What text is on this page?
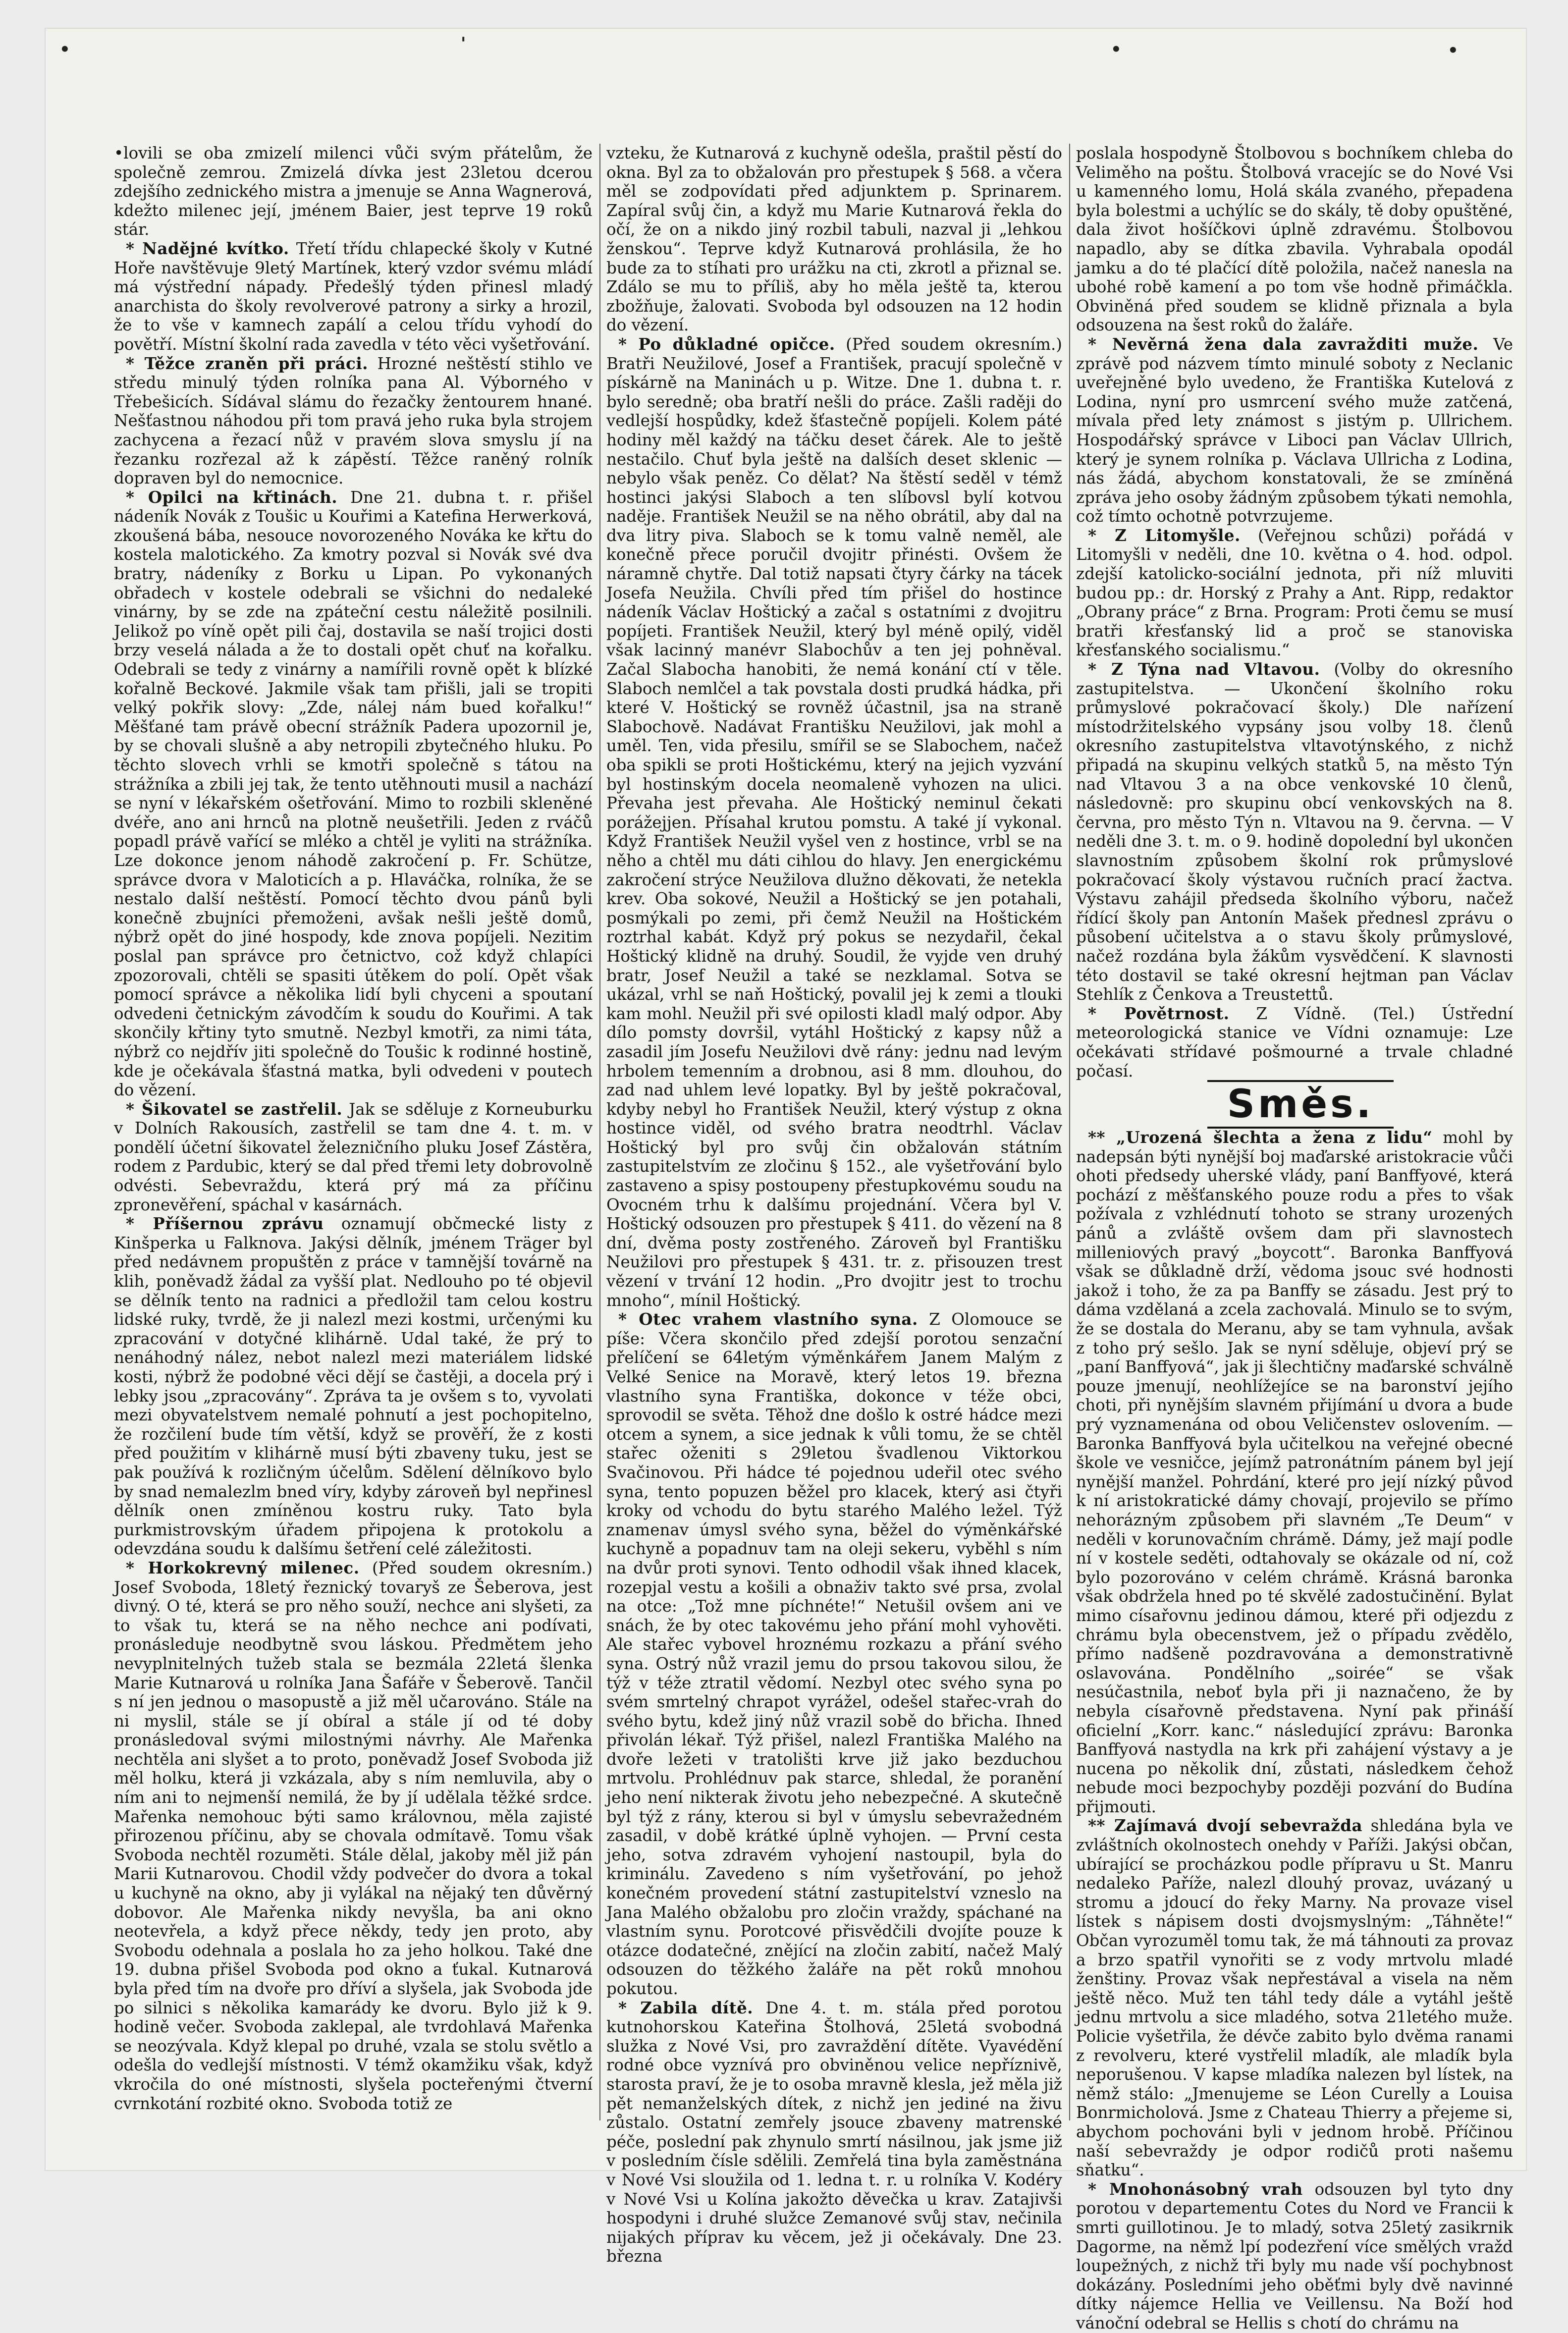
•	'	•	•

•lovili se oba zmizelí milenci vůči svým přátelům, že společně zemrou. Zmizelá dívka jest 23letou dcerou zdejšího zednického mistra a jmenuje se Anna Wagnerová, kdežto milenec její, jménem Baier, jest teprve 19 roků stár.

* Nadějné kvítko. Třetí třídu chlapecké školy v Kutné Hoře navštěvuje 9letý Martínek, který vzdor svému mládí má výstřední nápady. Předešlý týden přinesl mladý anarchista do školy revolverové patrony a sirky a hrozil, že to vše v kamnech zapálí a celou třídu vyhodí do povětří. Místní školní rada zavedla v této věci vyšetřování.

* Těžce zraněn při práci. Hrozné neštěstí stihlo ve středu minulý týden rolníka pana Al. Výborného v Třebešicích. Sídával slámu do řezačky žentourem hnané. Nešťastnou náhodou při tom pravá jeho ruka byla strojem zachycena a řezací nůž v pravém slova smyslu jí na řezanku rozřezal až k zápěstí. Těžce raněný rolník dopraven byl do nemocnice.

* Opilci na křtinách. Dne 21. dubna t. r. přišel nádeník Novák z Toušic u Kouřimi a Katefina Herwerková, zkoušená bába, nesouce novorozeného Nováka ke křtu do kostela malotického. Za kmotry pozval si Novák své dva bratry, nádeníky z Borku u Lipan. Po vykonaných obřadech v kostele odebrali se všichni do nedaleké vinárny, by se zde na zpáteční cestu náležitě posilnili. Jelikož po víně opět pili čaj, dostavila se naší trojici dosti brzy veselá nálada a že to dostali opět chuť na kořalku. Odebrali se tedy z vinárny a namířili rovně opět k blízké kořalně Beckové. Jakmile však tam přišli, jali se tropiti velký pokřik slovy: „Zde, nálej nám bued kořalku!“ Měšťané tam právě obecní strážník Padera upozornil je, by se chovali slušně a aby netropili zbytečného hluku. Po těchto slovech vrhli se kmotři společně s tátou na strážníka a zbili jej tak, že tento utěhnouti musil a nachází se nyní v lékařském ošetřování. Mimo to rozbili skleněné dvéře, ano ani hrnců na plotně neušetřili. Jeden z rváčů popadl právě vařící se mléko a chtěl je vyliti na strážníka. Lze dokonce jenom náhodě zakročení p. Fr. Schütze, správce dvora v Maloticích a p. Hlaváčka, rolníka, že se nestalo další neštěstí. Pomocí těchto dvou pánů byli konečně zbujníci přemoženi, avšak nešli ještě domů, nýbrž opět do jiné hospody, kde znova popíjeli. Nezitim poslal pan správce pro četnictvo, což když chlapíci zpozorovali, chtěli se spasiti útěkem do polí. Opět však pomocí správce a několika lidí byli chyceni a spoutaní odvedeni četnickým závodčím k soudu do Kouřimi. A tak skončily křtiny tyto smutně. Nezbyl kmotři, za nimi táta, nýbrž co nejdřív jiti společně do Toušic k rodinné hostině, kde je očekávala šťastná matka, byli odvedeni v poutech do vězení.

* Šikovatel se zastřelil. Jak se sděluje z Korneuburku v Dolních Rakousích, zastřelil se tam dne 4. t. m. v pondělí účetní šikovatel železničního pluku Josef Zástěra, rodem z Pardubic, který se dal před třemi lety dobrovolně odvésti. Sebevraždu, která prý má za příčinu zpronevěření, spáchal v kasárnách.

* Příšernou zprávu oznamují občmecké listy z Kinšperka u Falknova. Jakýsi dělník, jménem Träger byl před nedávnem propuštěn z práce v tamnější továrně na klih, poněvadž žádal za vyšší plat. Nedlouho po té objevil se dělník tento na radnici a předložil tam celou kostru lidské ruky, tvrdě, že ji nalezl mezi kostmi, určenými ku zpracování v dotyčné klihárně. Udal také, že prý to nenáhodný nález, nebot nalezl mezi materiálem lidské kosti, nýbrž že podobné věci dějí se častěji, a docela prý i lebky jsou „zpracovány“. Zpráva ta je ovšem s to, vyvolati mezi obyvatelstvem nemalé pohnutí a jest pochopitelno, že rozčilení bude tím větší, když se prověří, že z kosti před použitím v klihárně musí býti zbaveny tuku, jest se pak používá k rozličným účelům. Sdělení dělníkovo bylo by snad nemalezlm bned víry, kdyby zároveň byl nepřinesl dělník onen zmíněnou kostru ruky. Tato byla purkmistrovským úřadem připojena k protokolu a odevzdána soudu k dalšímu šetření celé záležitosti.

* Horkokrevný milenec. (Před soudem okresním.) Josef Svoboda, 18letý řeznický tovaryš ze Šeberova, jest divný. O té, která se pro něho souží, nechce ani slyšeti, za to však tu, která se na něho nechce ani podívati, pronásleduje neodbytně svou láskou. Předmětem jeho nevyplnitelných tužeb stala se bezmála 22letá šlenka Marie Kutnarová u rolníka Jana Šafáře v Šeberově. Tančil s ní jen jednou o masopustě a již měl učarováno. Stále na ni myslil, stále se jí obíral a stále jí od té doby pronásledoval svými milostnými návrhy. Ale Mařenka nechtěla ani slyšet a to proto, poněvadž Josef Svoboda již měl holku, která ji vzkázala, aby s ním nemluvila, aby o ním ani to nejmenší nemilá, že by jí udělala těžké srdce. Mařenka nemohouc býti samo královnou, měla zajisté přirozenou příčinu, aby se chovala odmítavě. Tomu však Svoboda nechtěl rozuměti. Stále dělal, jakoby měl již pán Marii Kutnarovou. Chodil vždy podvečer do dvora a tokal u kuchyně na okno, aby ji vylákal na nějaký ten důvěrný dobovor. Ale Mařenka nikdy nevyšla, ba ani okno neotevřela, a když přece někdy, tedy jen proto, aby Svobodu odehnala a poslala ho za jeho holkou. Také dne 19. dubna přišel Svoboda pod okno a ťukal. Kutnarová byla před tím na dvoře pro dříví a slyšela, jak Svoboda jde po silnici s několika kamarády ke dvoru. Bylo již k 9. hodině večer. Svoboda zaklepal, ale tvrdohlavá Mařenka se neozývala. Když klepal po druhé, vzala se stolu světlo a odešla do vedlejší místnosti. V témž okamžiku však, když vkročila do oné místnosti, slyšela pocteřenými čtverní cvrnkotání rozbité okno. Svoboda totiž ze

vzteku, že Kutnarová z kuchyně odešla, praštil pěstí do okna. Byl za to obžalován pro přestupek § 568. a včera měl se zodpovídati před adjunktem p. Sprinarem. Zapíral svůj čin, a když mu Marie Kutnarová řekla do očí, že on a nikdo jiný rozbil tabuli, nazval ji „lehkou ženskou“. Teprve když Kutnarová prohlásila, že ho bude za to stíhati pro urážku na cti, zkrotl a přiznal se. Zdálo se mu to příliš, aby ho měla ještě ta, kterou zbožňuje, žalovati. Svoboda byl odsouzen na 12 hodin do vězení.

* Po důkladné opičce. (Před soudem okresním.) Bratři Neužilové, Josef a František, pracují společně v pískárně na Maninách u p. Witze. Dne 1. dubna t. r. bylo seredně; oba bratří nešli do práce. Zašli raději do vedlejší hospůdky, kdež šťastečně popíjeli. Kolem páté hodiny měl každý na táčku deset čárek. Ale to ještě nestačilo. Chuť byla ještě na dalších deset sklenic — nebylo však peněz. Co dělat? Na štěstí seděl v témž hostinci jakýsi Slaboch a ten slíbovsl bylí kotvou naděje. František Neužil se na něho obrátil, aby dal na dva litry piva. Slaboch se k tomu valně neměl, ale konečně přece poručil dvojitr přinésti. Ovšem že náramně chytře. Dal totiž napsati čtyry čárky na tácek Josefa Neužila. Chvíli před tím přišel do hostince nádeník Václav Hoštický a začal s ostatními z dvojitru popíjeti. František Neužil, který byl méně opilý, viděl však lacinný manévr Slabochův a ten jej pohněval. Začal Slabocha hanobiti, že nemá konání ctí v těle. Slaboch nemlčel a tak povstala dosti prudká hádka, při které V. Hoštický se rovněž účastnil, jsa na straně Slabochově. Nadávat Františku Neužilovi, jak mohl a uměl. Ten, vida přesilu, smířil se se Slabochem, načež oba spikli se proti Hoštickému, který na jejich vyzvání byl hostinským docela neomaleně vyhozen na ulici. Převaha jest převaha. Ale Hoštický neminul čekati porážejjen. Přísahal krutou pomstu. A také jí vykonal. Když František Neužil vyšel ven z hostince, vrbl se na něho a chtěl mu dáti cihlou do hlavy. Jen energickému zakročení strýce Neužilova dlužno děkovati, že neteklа krev. Oba sokové, Neužil a Hoštický se jen potahali, posmýkali po zemi, při čemž Neužil na Hoštickém roztrhal kabát. Když prý pokus se nezydařil, čekal Hoštický klidně na druhý. Soudil, že vyjde ven druhý bratr, Josef Neužil a také se nezklamal. Sotva se ukázal, vrhl se naň Hoštický, povalil jej k zemi a tlouki kam mohl. Neužil při své opilosti kladl malý odpor. Aby dílo pomsty dovršil, vytáhl Hoštický z kapsy nůž a zasadil jím Josefu Neužilovi dvě rány: jednu nad levým hrbolem temenním a drobnou, asi 8 mm. dlouhou, do zad nad uhlem levé lopatky. Byl by ještě pokračoval, kdyby nebyl ho František Neužil, který výstup z okna hostince viděl, od svého bratra neodtrhl. Václav Hoštický byl pro svůj čin obžalován státním zastupitelstvím ze zločinu § 152., ale vyšetřování bylo zastaveno a spisy postoupeny přestupkovému soudu na Ovocném trhu k dalšímu projednání. Včera byl V. Hoštický odsouzen pro přestupek § 411. do vězení na 8 dní, dvěma posty zostřeného. Zároveň byl Františku Neužilovi pro přestupek § 431. tr. z. přisouzen trest vězení v trvání 12 hodin. „Pro dvojitr jest to trochu mnoho“, mínil Hoštický.

* Otec vrahem vlastního syna. Z Olomouce se píše: Včera skončilo před zdejší porotou senzační přelíčení se 64letým výměnkářem Janem Malým z Velké Senice na Moravě, který letos 19. března vlastního syna Františka, dokonce v téže obci, sprovodil se světa. Těhož dne došlo k ostré hádce mezi otcem a synem, a sice jednak k vůli tomu, že se chtěl stařec oženiti s 29letou švadlenou Viktorkou Svačinovou. Při hádce té pojednou udeřil otec svého syna, tento popuzen běžel pro klacek, který asi čtyři kroky od vchodu do bytu starého Malého ležel. Týž znamenav úmysl svého syna, běžel do výměnkářské kuchyně a popadnuv tam na oleji sekeru, vyběhl s ním na dvůr proti synovi. Tento odhodil však ihned klacek, rozepjal vestu a košili a obnaživ takto své prsa, zvolal na otce: „Tož mne píchnéte!“ Netušil ovšem ani ve snách, že by otec takovému jeho přání mohl vyhověti. Ale stařec vybovel hroznému rozkazu a přání svého syna. Ostrý nůž vrazil jemu do prsou takovou silou, že týž v téže ztratil vědomí. Nezbyl otec svého syna po svém smrtelný chrapot vyrážel, odešel stařec-vrah do svého bytu, kdež jiný nůž vrazil sobě do břicha. Ihned přivolán lékař. Týž přišel, nalezl Františka Malého na dvoře ležeti v tratolišti krve již jako bezduchou mrtvolu. Prohlédnuv pak starce, shledal, že poranění jeho není nikterak životu jeho nebezpečné. A skutečně byl týž z rány, kterou si byl v úmyslu sebevražedném zasadil, v době krátké úplně vyhojen. — První cesta jeho, sotva zdravém vyhojení nastoupil, byla do kriminálu. Zavedeno s ním vyšetřování, po jehož konečném provedení státní zastupitelství vzneslo na Jana Malého obžalobu pro zločin vraždy, spáchané na vlastním synu. Porotcové přisvědčili dvojíte pouze k otázce dodatečné, znějící na zločin zabití, načež Malý odsouzen do těžkého žaláře na pět roků mnohou pokutou.

* Zabila dítě. Dne 4. t. m. stála před porotou kutnohorskou Kateřina Štolhová, 25letá svobodná služka z Nové Vsi, pro zavraždění dítěte. Vyavédění rodné obce vyznívá pro obviněnou velice nepříznivě, starosta praví, že je to osoba mravně klesla, jež měla již pět nemanželských dítek, z nichž jen jediné na živu zůstalo. Ostatní zemřely jsouce zbaveny matrenské péče, poslední pak zhynulo smrtí násilnou, jak jsme již v posledním čísle sdělili. Zemřelá tina byla zaměstnána v Nové Vsi sloužila od 1. ledna t. r. u rolníka V. Kodéry v Nové Vsi u Kolína jakožto děvečka u krav. Zatajivši hospodyni i druhé služce Zemanové svůj stav, nečinila nijakých příprav ku věcem, jež ji očekávaly. Dne 23. března

poslala hospodyně Štolbovou s bochníkem chleba do Veliměho na poštu. Štolbová vracejíc se do Nové Vsi u kamenného lomu, Holá skála zvaného, přepadena byla bolestmi a uchýlíc se do skály, tě doby opuštěné, dala život hošíčkovi úplně zdravému. Štolbovou napadlo, aby se dítka zbavila. Vyhrabala opodál jamku a do té plačící dítě položila, načež nanesla na ubohé robě kamení a po tom vše hodně přimáčkla. Obviněná před soudem se klidně přiznala a byla odsouzena na šest roků do žaláře.

* Nevěrná žena dala zavražditi muže. Ve zprávě pod názvem tímto minulé soboty z Neclanic uveřejněné bylo uvedeno, že Františka Kutelová z Lodina, nyní pro usmrcení svého muže zatčená, mívala před lety známost s jistým p. Ullrichem. Hospodářský správce v Liboci pan Václav Ullrich, který je synem rolníka p. Václava Ullricha z Lodina, nás žádá, abychom konstatovali, že se zmíněná zpráva jeho osoby žádným způsobem týkati nemohla, což tímto ochotně potvrzujeme.

* Z Litomyšle. (Veřejnou schůzi) pořádá v Litomyšli v neděli, dne 10. května o 4. hod. odpol. zdejší katolicko-sociální jednota, při níž mluviti budou pp.: dr. Horský z Prahy a Ant. Ripp, redaktor „Obrany práce“ z Brna. Program: Proti čemu se musí bratři křesťanský lid a proč se stanoviska křesťanského socialismu.“

* Z Týna nad Vltavou. (Volby do okresního zastupitelstva. — Ukončení školního roku průmyslové pokračovací školy.) Dle nařízení místodržitelského vypsány jsou volby 18. členů okresního zastupitelstva vltavotýnského, z nichž připadá na skupinu velkých statků 5, na město Týn nad Vltavou 3 a na obce venkovské 10 členů, následovně: pro skupinu obcí venkovských na 8. června, pro město Týn n. Vltavou na 9. června. — V neděli dne 3. t. m. o 9. hodině dopolední byl ukončen slavnostním způsobem školní rok průmyslové pokračovací školy výstavou ručních prací žactva. Výstavu zahájil předseda školního výboru, načež řídící školy pan Antonín Mašek přednesl zprávu o působení učitelstva a o stavu školy průmyslové, načež rozdána byla žákům vysvědčení. K slavnosti této dostavil se také okresní hejtman pan Václav Stehlík z Čenkova a Treustettů.

* Povětrnost. Z Vídně. (Tel.) Ústřední meteorologická stanice ve Vídni oznamuje: Lze očekávati střídavé pošmourné a trvale chladné počasí.

Směs.

** „Urozená šlechta a žena z lidu“ mohl by nadepsán býti nynější boj maďarské aristokracie vůči ohoti předsedy uherské vlády, paní Banffyové, která pochází z měšťanského pouze rodu a přes to však požívala z vzhlédnutí tohoto se strany urozených pánů a zvláště ovšem dam při slavnostech milleniových pravý „boycott“. Baronka Banffyová však se důkladně drží, vědoma jsouc své hodnosti jakož i toho, že za pa Banffy se zásadu. Jest prý to dáma vzdělaná a zcela zachovalá. Minulo se to svým, že se dostala do Meranu, aby se tam vyhnula, avšak z toho prý sešlo. Jak se nyní sděluje, objeví prý se „paní Banffyová“, jak ji šlechtičny maďarské schválně pouze jmenují, neohlížejíce se na baronství jejího choti, při nynějším slavném přijímání u dvora a bude prý vyznamenána od obou Veličenstev oslovením. — Baronka Banffyová byla učitelkou na veřejné obecné škole ve vesničce, jejímž patronátním pánem byl její nynější manžel. Pohrdání, které pro její nízký původ k ní aristokratické dámy chovají, projevilo se přímo nehorázným způsobem při slavném „Te Deum“ v neděli v korunovačním chrámě. Dámy, jež mají podle ní v kostele seděti, odtahovaly se okázale od ní, což bylo pozorováno v celém chrámě. Krásná baronka však obdržela hned po té skvělé zadostučinění. Bylat mimo císařovnu jedinou dámou, které při odjezdu z chrámu byla obecenstvem, jež o případu zvědělo, přímo nadšeně pozdravována a demonstrativně oslavována. Pondělního „soirée“ se však nesúčastnila, neboť byla při ji naznačeno, že by nebyla císařovně představena. Nyní pak přináší oficielní „Korr. kanc.“ následující zprávu: Baronka Banffyová nastydla na krk při zahájení výstavy a je nucena po několik dní, zůstati, následkem čehož nebude moci bezpochyby později pozvání do Budína přijmouti.

** Zajímavá dvojí sebevražda shledána byla ve zvláštních okolnostech onehdy v Paříži. Jakýsi občan, ubírající se procházkou podle přípravu u St. Manru nedaleko Paříže, nalezl dlouhý provaz, uvázaný u stromu a jdoucí do řeky Marny. Na provaze visel lístek s nápisem dosti dvojsmyslným: „Táhněte!“ Občan vyrozuměl tomu tak, že má táhnouti za provaz a brzo spatřil vynořiti se z vody mrtvolu mladé ženštiny. Provaz však nepřestával a visela na něm ještě něco. Muž ten táhl tedy dále a vytáhl ještě jednu mrtvolu a sice mladého, sotva 21letého muže. Policie vyšetřila, že dévče zabito bylo dvěma ranami z revolveru, které vystřelil mladík, ale mladík byla neporušenou. V kapse mladíka nalezen byl lístek, na němž stálo: „Jmenujeme se Léon Curelly a Louisa Bonrmicholová. Jsme z Chateau Thierry a přejeme si, abychom pochováni byli v jednom hrobě. Příčinou naší sebevraždy je odpor rodičů proti našemu sňatku“.

* Mnohonásobný vrah odsouzen byl tyto dny porotou v departementu Cotes du Nord ve Francii k smrti guillotinou. Je to mladý, sotva 25letý zasikrnik Dagorme, na němž lpí podezření více smělých vražd loupežných, z nichž tři byly mu nade vší pochybnost dokázány. Posledními jeho oběťmi byly dvě navinné dítky nájemce Hellia ve Veillensu. Na Boží hod vánoční odebral se Hellis s chotí do chrámu na
